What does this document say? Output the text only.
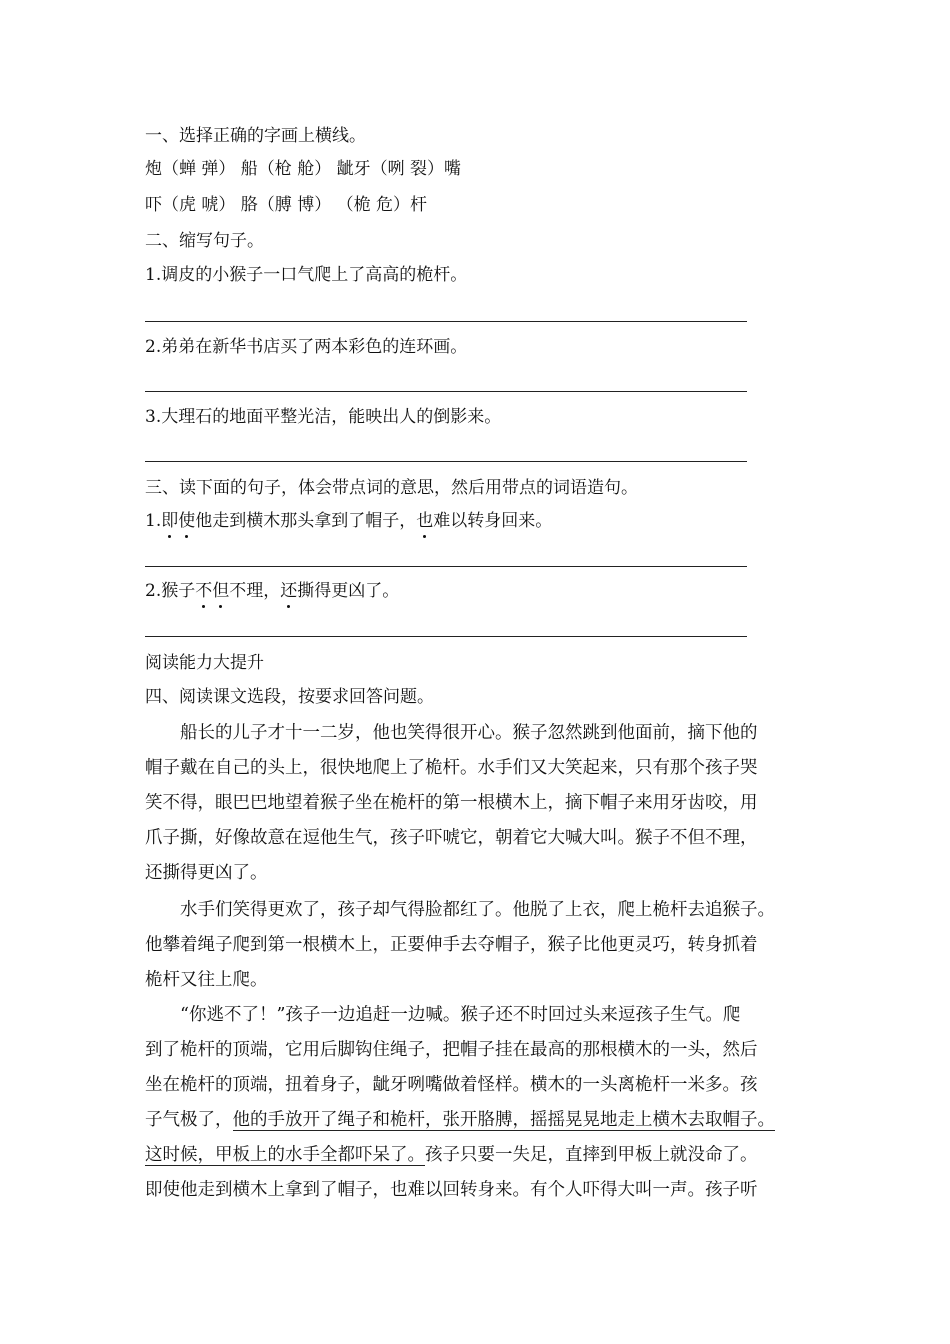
一、选择正确的字画上横线。
炮（蝉 弹） 船（枪 舱） 龇牙（咧 裂）嘴
吓（虎 唬） 胳（膊 博） （桅 危）杆
二、缩写句子。
1.调皮的小猴子一口气爬上了高高的桅杆。
2.弟弟在新华书店买了两本彩色的连环画。
3.大理石的地面平整光洁，能映出人的倒影来。
三、读下面的句子，体会带点词的意思，然后用带点的词语造句。
1.即使他走到横木那头拿到了帽子，也难以转身回来。
2.猴子不但不理，还撕得更凶了。
阅读能力大提升
四、阅读课文选段，按要求回答问题。
船长的儿子才十一二岁，他也笑得很开心。猴子忽然跳到他面前，摘下他的
帽子戴在自己的头上，很快地爬上了桅杆。水手们又大笑起来，只有那个孩子哭
笑不得，眼巴巴地望着猴子坐在桅杆的第一根横木上，摘下帽子来用牙齿咬，用
爪子撕，好像故意在逗他生气，孩子吓唬它，朝着它大喊大叫。猴子不但不理，
还撕得更凶了。
水手们笑得更欢了，孩子却气得脸都红了。他脱了上衣，爬上桅杆去追猴子。
他攀着绳子爬到第一根横木上，正要伸手去夺帽子，猴子比他更灵巧，转身抓着
桅杆又往上爬。
“你逃不了！”孩子一边追赶一边喊。猴子还不时回过头来逗孩子生气。爬
到了桅杆的顶端，它用后脚钩住绳子，把帽子挂在最高的那根横木的一头，然后
坐在桅杆的顶端，扭着身子，龇牙咧嘴做着怪样。横木的一头离桅杆一米多。孩
子气极了，他的手放开了绳子和桅杆，张开胳膊，摇摇晃晃地走上横木去取帽子。
这时候，甲板上的水手全都吓呆了。孩子只要一失足，直摔到甲板上就没命了。
即使他走到横木上拿到了帽子，也难以回转身来。有个人吓得大叫一声。孩子听
